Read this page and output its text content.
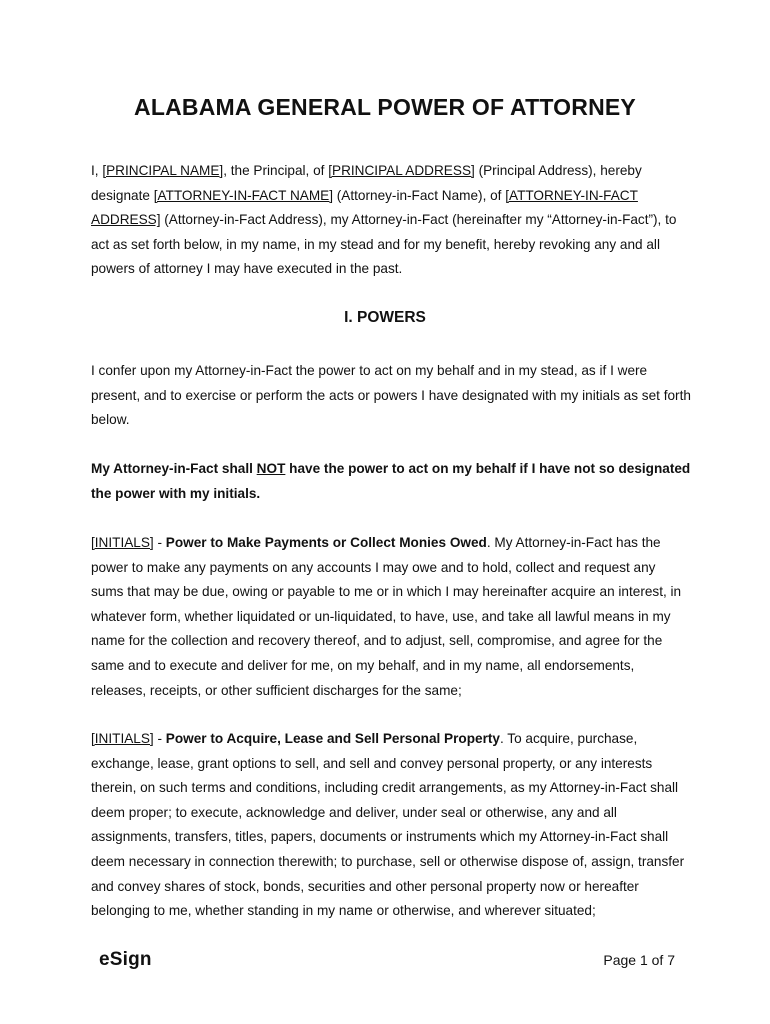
ALABAMA GENERAL POWER OF ATTORNEY
I, [PRINCIPAL NAME], the Principal, of [PRINCIPAL ADDRESS] (Principal Address), hereby designate [ATTORNEY-IN-FACT NAME] (Attorney-in-Fact Name), of [ATTORNEY-IN-FACT ADDRESS] (Attorney-in-Fact Address), my Attorney-in-Fact (hereinafter my “Attorney-in-Fact”), to act as set forth below, in my name, in my stead and for my benefit, hereby revoking any and all powers of attorney I may have executed in the past.
I. POWERS
I confer upon my Attorney-in-Fact the power to act on my behalf and in my stead, as if I were present, and to exercise or perform the acts or powers I have designated with my initials as set forth below.
My Attorney-in-Fact shall NOT have the power to act on my behalf if I have not so designated the power with my initials.
[INITIALS] - Power to Make Payments or Collect Monies Owed. My Attorney-in-Fact has the power to make any payments on any accounts I may owe and to hold, collect and request any sums that may be due, owing or payable to me or in which I may hereinafter acquire an interest, in whatever form, whether liquidated or un-liquidated, to have, use, and take all lawful means in my name for the collection and recovery thereof, and to adjust, sell, compromise, and agree for the same and to execute and deliver for me, on my behalf, and in my name, all endorsements, releases, receipts, or other sufficient discharges for the same;
[INITIALS] - Power to Acquire, Lease and Sell Personal Property. To acquire, purchase, exchange, lease, grant options to sell, and sell and convey personal property, or any interests therein, on such terms and conditions, including credit arrangements, as my Attorney-in-Fact shall deem proper; to execute, acknowledge and deliver, under seal or otherwise, any and all assignments, transfers, titles, papers, documents or instruments which my Attorney-in-Fact shall deem necessary in connection therewith; to purchase, sell or otherwise dispose of, assign, transfer and convey shares of stock, bonds, securities and other personal property now or hereafter belonging to me, whether standing in my name or otherwise, and wherever situated;
eSign	Page 1 of 7
